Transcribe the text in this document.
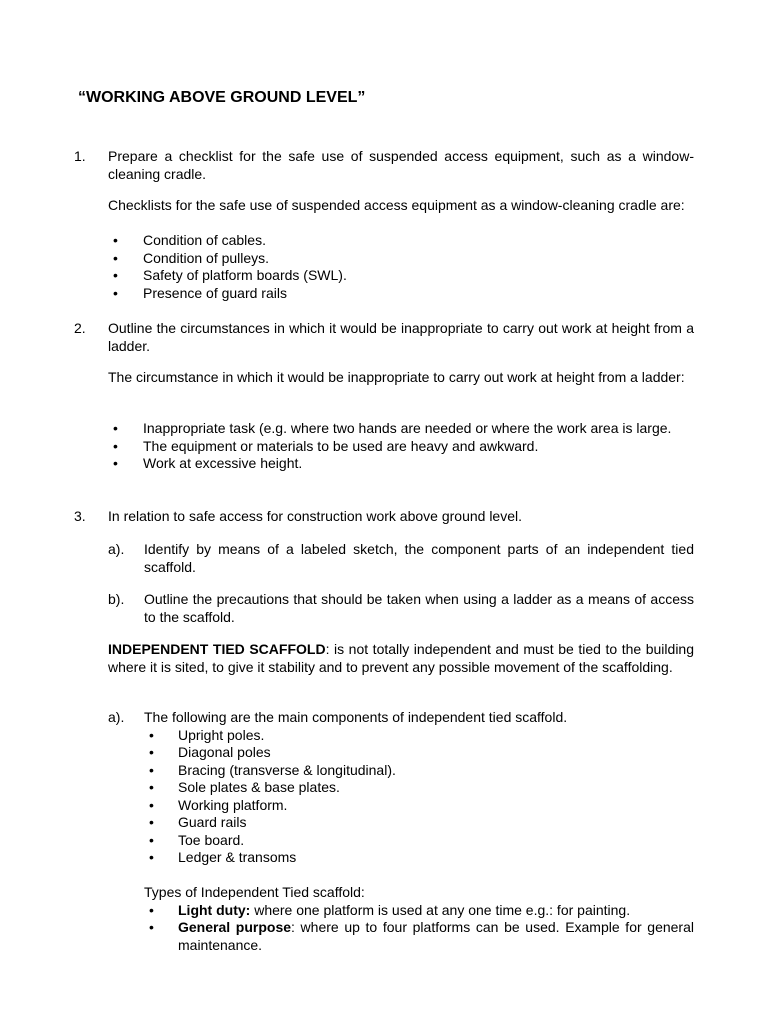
“WORKING ABOVE GROUND LEVEL”
1. Prepare a checklist for the safe use of suspended access equipment, such as a window-cleaning cradle.
Checklists for the safe use of suspended access equipment as a window-cleaning cradle are:
• Condition of cables.
• Condition of pulleys.
• Safety of platform boards (SWL).
• Presence of guard rails
2. Outline the circumstances in which it would be inappropriate to carry out work at height from a ladder.
The circumstance in which it would be inappropriate to carry out work at height from a ladder:
• Inappropriate task (e.g. where two hands are needed or where the work area is large.
• The equipment or materials to be used are heavy and awkward.
• Work at excessive height.
3. In relation to safe access for construction work above ground level.
a). Identify by means of a labeled sketch, the component parts of an independent tied scaffold.
b). Outline the precautions that should be taken when using a ladder as a means of access to the scaffold.
INDEPENDENT TIED SCAFFOLD: is not totally independent and must be tied to the building where it is sited, to give it stability and to prevent any possible movement of the scaffolding.
a). The following are the main components of independent tied scaffold.
• Upright poles.
• Diagonal poles
• Bracing (transverse & longitudinal).
• Sole plates & base plates.
• Working platform.
• Guard rails
• Toe board.
• Ledger & transoms
Types of Independent Tied scaffold:
• Light duty: where one platform is used at any one time e.g.: for painting.
• General purpose: where up to four platforms can be used. Example for general maintenance.
